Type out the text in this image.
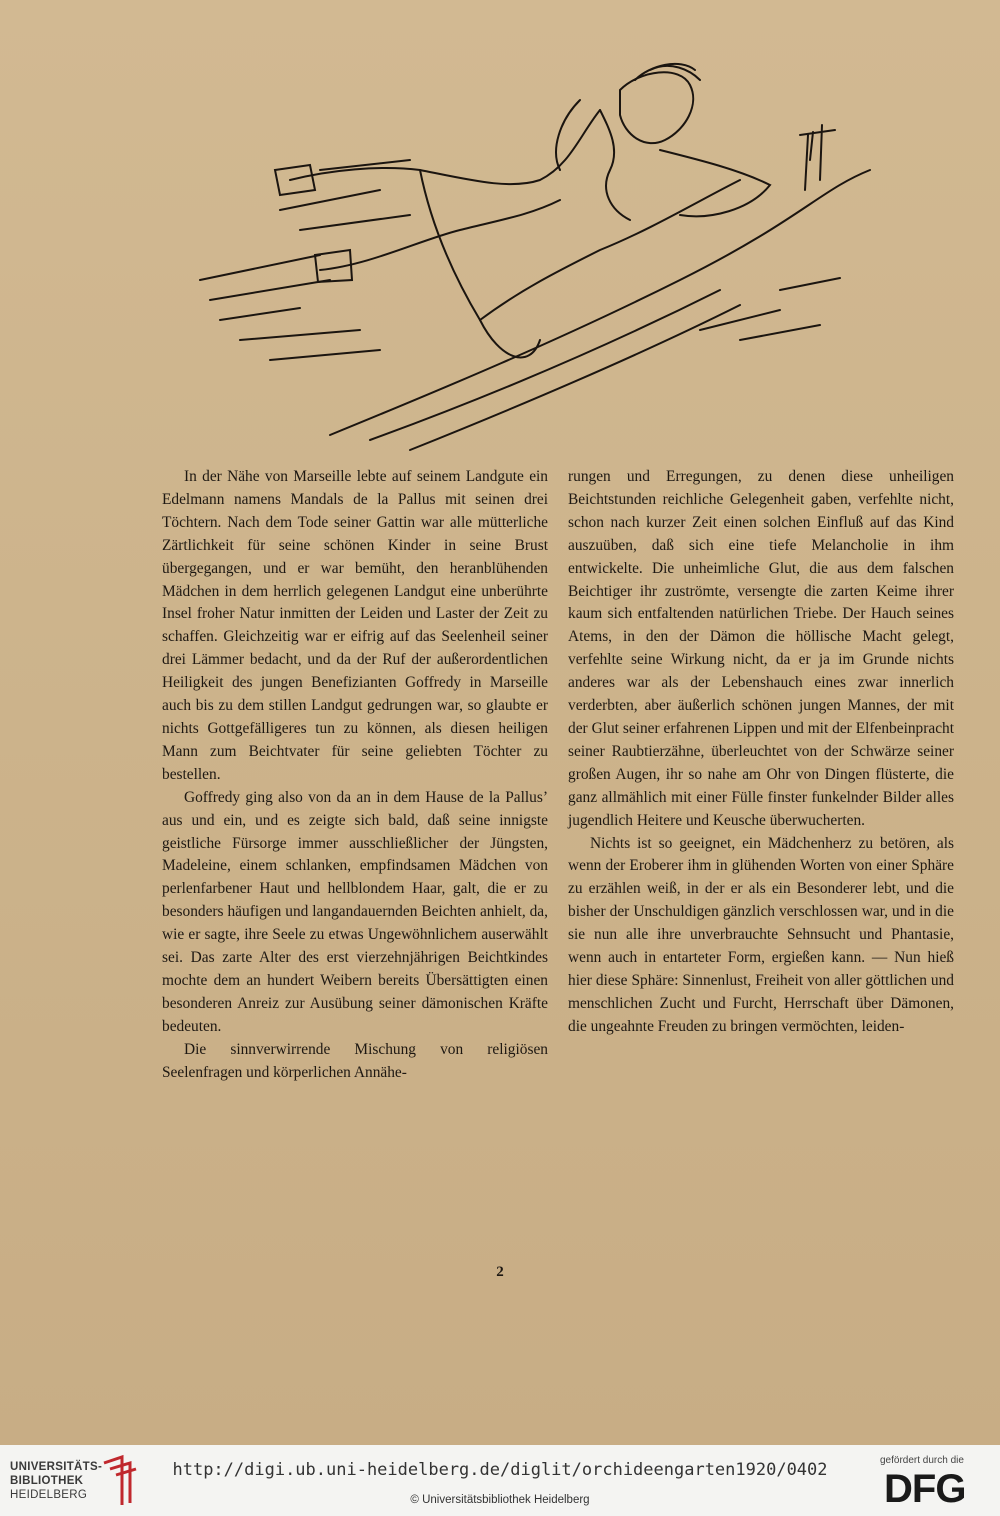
In der Nähe von Marseille lebte auf seinem Landgute ein Edelmann namens Mandals de la Pallus mit seinen drei Töchtern. Nach dem Tode seiner Gattin war alle mütterliche Zärtlichkeit für seine schönen Kinder in seine Brust übergegangen, und er war bemüht, den heranblühenden Mädchen in dem herrlich gelegenen Landgut eine unberührte Insel froher Natur inmitten der Leiden und Laster der Zeit zu schaffen. Gleichzeitig war er eifrig auf das Seelenheil seiner drei Lämmer bedacht, und da der Ruf der außerordentlichen Heiligkeit des jungen Benefizianten Goffredy in Marseille auch bis zu dem stillen Landgut gedrungen war, so glaubte er nichts Gottgefälligeres tun zu können, als diesen heiligen Mann zum Beichtvater für seine geliebten Töchter zu bestellen.

Goffredy ging also von da an in dem Hause de la Pallus’ aus und ein, und es zeigte sich bald, daß seine innigste geistliche Fürsorge immer ausschließlicher der Jüngsten, Madeleine, einem schlanken, empfindsamen Mädchen von perlenfarbener Haut und hellblondem Haar, galt, die er zu besonders häufigen und langandauernden Beichten anhielt, da, wie er sagte, ihre Seele zu etwas Ungewöhnlichem auserwählt sei. Das zarte Alter des erst vierzehnjährigen Beichtkindes mochte dem an hundert Weibern bereits Übersättigten einen besonderen Anreiz zur Ausübung seiner dämonischen Kräfte bedeuten.

Die sinnverwirrende Mischung von religiösen Seelenfragen und körperlichen Annähe-

rungen und Erregungen, zu denen diese unheiligen Beichtstunden reichliche Gelegenheit gaben, verfehlte nicht, schon nach kurzer Zeit einen solchen Einfluß auf das Kind auszuüben, daß sich eine tiefe Melancholie in ihm entwickelte. Die unheimliche Glut, die aus dem falschen Beichtiger ihr zuströmte, versengte die zarten Keime ihrer kaum sich entfaltenden natürlichen Triebe. Der Hauch seines Atems, in den der Dämon die höllische Macht gelegt, verfehlte seine Wirkung nicht, da er ja im Grunde nichts anderes war als der Lebenshauch eines zwar innerlich verderbten, aber äußerlich schönen jungen Mannes, der mit der Glut seiner erfahrenen Lippen und mit der Elfenbeinpracht seiner Raubtierzähne, überleuchtet von der Schwärze seiner großen Augen, ihr so nahe am Ohr von Dingen flüsterte, die ganz allmählich mit einer Fülle finster funkelnder Bilder alles jugendlich Heitere und Keusche überwucherten.

Nichts ist so geeignet, ein Mädchenherz zu betören, als wenn der Eroberer ihm in glühenden Worten von einer Sphäre zu erzählen weiß, in der er als ein Besonderer lebt, und die bisher der Unschuldigen gänzlich verschlossen war, und in die sie nun alle ihre unverbrauchte Sehnsucht und Phantasie, wenn auch in entarteter Form, ergießen kann. — Nun hieß hier diese Sphäre: Sinnenlust, Freiheit von aller göttlichen und menschlichen Zucht und Furcht, Herrschaft über Dämonen, die ungeahnte Freuden zu bringen vermöchten, leiden-

2
UNIVERSITÄTS-
BIBLIOTHEK
HEIDELBERG
http://digi.ub.uni-heidelberg.de/diglit/orchideengarten1920/0402
© Universitätsbibliothek Heidelberg
gefördert durch die
DFG
